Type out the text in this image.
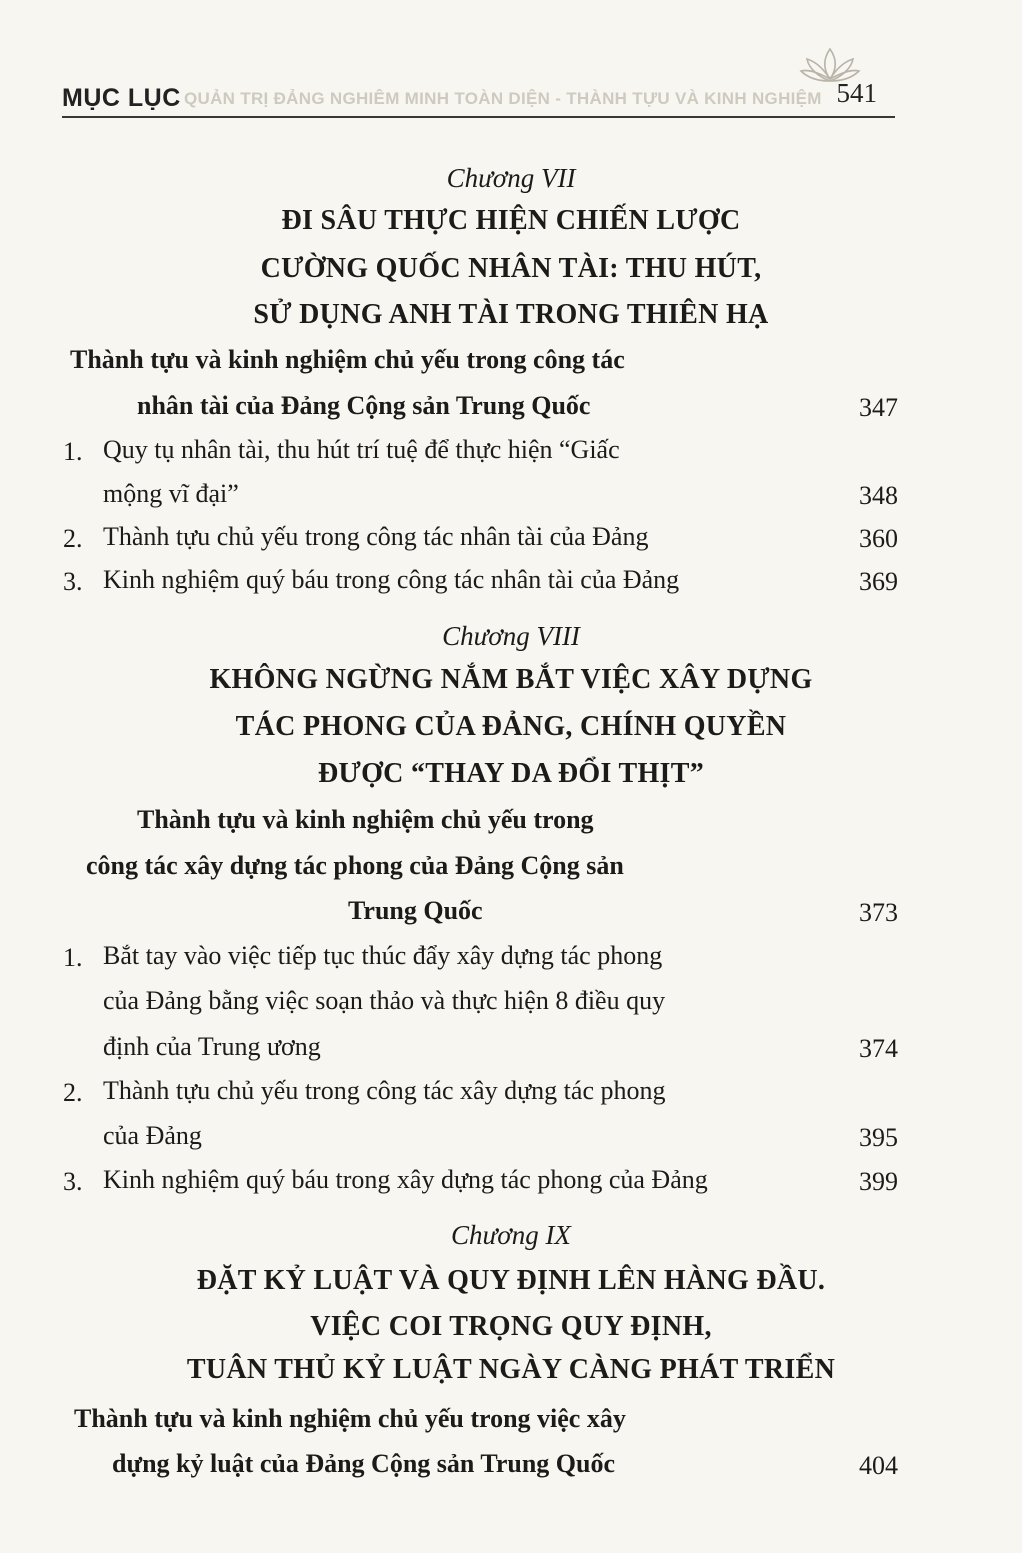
MỤC LỤC QUẢN TRỊ ĐẢNG NGHIÊM MINH TOÀN DIỆN - THÀNH TỰU VÀ KINH NGHIỆM 541
Chương VII
ĐI SÂU THỰC HIỆN CHIẾN LƯỢC
CƯỜNG QUỐC NHÂN TÀI: THU HÚT,
SỬ DỤNG ANH TÀI TRONG THIÊN HẠ
Thành tựu và kinh nghiệm chủ yếu trong công tác
nhân tài của Đảng Cộng sản Trung Quốc	347
1. Quy tụ nhân tài, thu hút trí tuệ để thực hiện “Giấc
mộng vĩ đại”	348
2. Thành tựu chủ yếu trong công tác nhân tài của Đảng	360
3. Kinh nghiệm quý báu trong công tác nhân tài của Đảng	369
Chương VIII
KHÔNG NGỪNG NẮM BẮT VIỆC XÂY DỰNG
TÁC PHONG CỦA ĐẢNG, CHÍNH QUYỀN
ĐƯỢC “THAY DA ĐỔI THỊT”
Thành tựu và kinh nghiệm chủ yếu trong
công tác xây dựng tác phong của Đảng Cộng sản
Trung Quốc	373
1. Bắt tay vào việc tiếp tục thúc đẩy xây dựng tác phong
của Đảng bằng việc soạn thảo và thực hiện 8 điều quy
định của Trung ương	374
2. Thành tựu chủ yếu trong công tác xây dựng tác phong
của Đảng	395
3. Kinh nghiệm quý báu trong xây dựng tác phong của Đảng	399
Chương IX
ĐẶT KỶ LUẬT VÀ QUY ĐỊNH LÊN HÀNG ĐẦU.
VIỆC COI TRỌNG QUY ĐỊNH,
TUÂN THỦ KỶ LUẬT NGÀY CÀNG PHÁT TRIỂN
Thành tựu và kinh nghiệm chủ yếu trong việc xây
dựng kỷ luật của Đảng Cộng sản Trung Quốc	404
